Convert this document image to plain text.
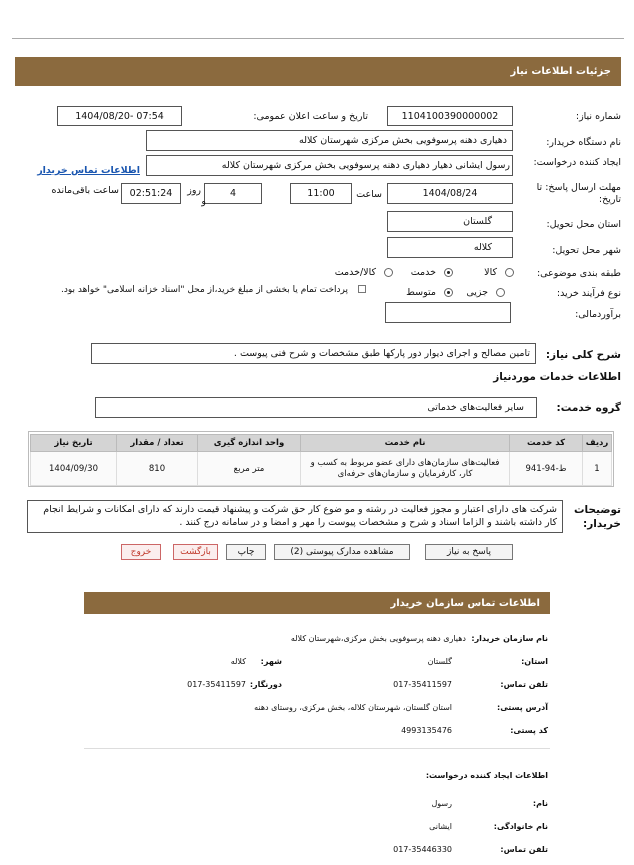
جزئیات اطلاعات نیاز
شماره نیاز:
1104100390000002
تاریخ و ساعت اعلان عمومی:
1404/08/20- 07:54
نام دستگاه خریدار:
دهیاری دهنه پرسوفویی بخش مرکزی شهرستان کلاله
ایجاد کننده درخواست:
رسول ایشانی دهیار دهیاری دهنه پرسوفویی بخش مرکزی شهرستان کلاله
اطلاعات تماس خریدار
مهلت ارسال پاسخ: تا تاریخ:
1404/08/24
ساعت
11:00
4
روز
و
02:51:24
ساعت باقی‌مانده
استان محل تحویل:
گلستان
شهر محل تحویل:
کلاله
طبقه بندی موضوعی:
کالا
خدمت
کالا/خدمت
نوع فرآیند خرید:
جزیی
متوسط
پرداخت تمام یا بخشی از مبلغ خرید،از محل "اسناد خزانه اسلامی" خواهد بود.
برآوردمالی:
شرح کلی نیاز:
تامین مصالح و اجرای دیوار دور پارکها طبق مشخصات و شرح فنی پیوست .
اطلاعات خدمات موردنیاز
گروه خدمت:
سایر فعالیت‌های خدماتی
ردیف	کد خدمت	نام خدمت	واحد اندازه گیری	تعداد / مقدار	تاریخ نیاز
1	ط-94-941	فعالیت‌های سازمان‌های دارای عضو مربوط به کسب و کار، کارفرمایان و سازمان‌های حرفه‌ای	متر مربع	810	1404/09/30
توضیحات خریدار:
شرکت های دارای اعتبار و مجوز فعالیت در رشته و مو ضوع کار حق شرکت و پیشنهاد قیمت دارند که دارای امکانات و شرایط انجام کار داشته باشند و الزاما اسناد و شرح و مشخصات پیوست را مهر و امضا و در سامانه درج کنند .
پاسخ به نیاز
مشاهده مدارک پیوستی (2)
چاپ
بازگشت
خروج
اطلاعات تماس سازمان خریدار
نام سازمان خریدار:
دهیاری دهنه پرسوفویی بخش مرکزی،شهرستان کلاله
استان:
گلستان
شهر:
کلاله
تلفن تماس:
017-35411597
دورنگار:
017-35411597
آدرس پستی:
استان گلستان، شهرستان کلاله، بخش مرکزی، روستای دهنه
کد پستی:
4993135476
اطلاعات ایجاد کننده درخواست:
نام:
رسول
نام خانوادگی:
ایشانی
تلفن تماس:
017-35446330
